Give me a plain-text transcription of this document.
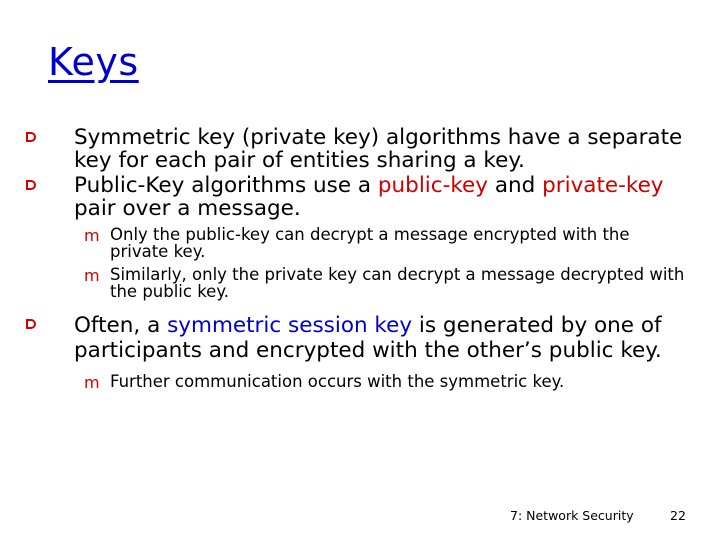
Keys
Symmetric key (private key) algorithms have a separate key for each pair of entities sharing a key.
Public-Key algorithms use a public-key and private-key pair over a message.
m Only the public-key can decrypt a message encrypted with the private key.
m Similarly, only the private key can decrypt a message decrypted with the public key.
Often, a symmetric session key is generated by one of participants and encrypted with the other’s public key.
m Further communication occurs with the symmetric key.
7: Network Security	22
